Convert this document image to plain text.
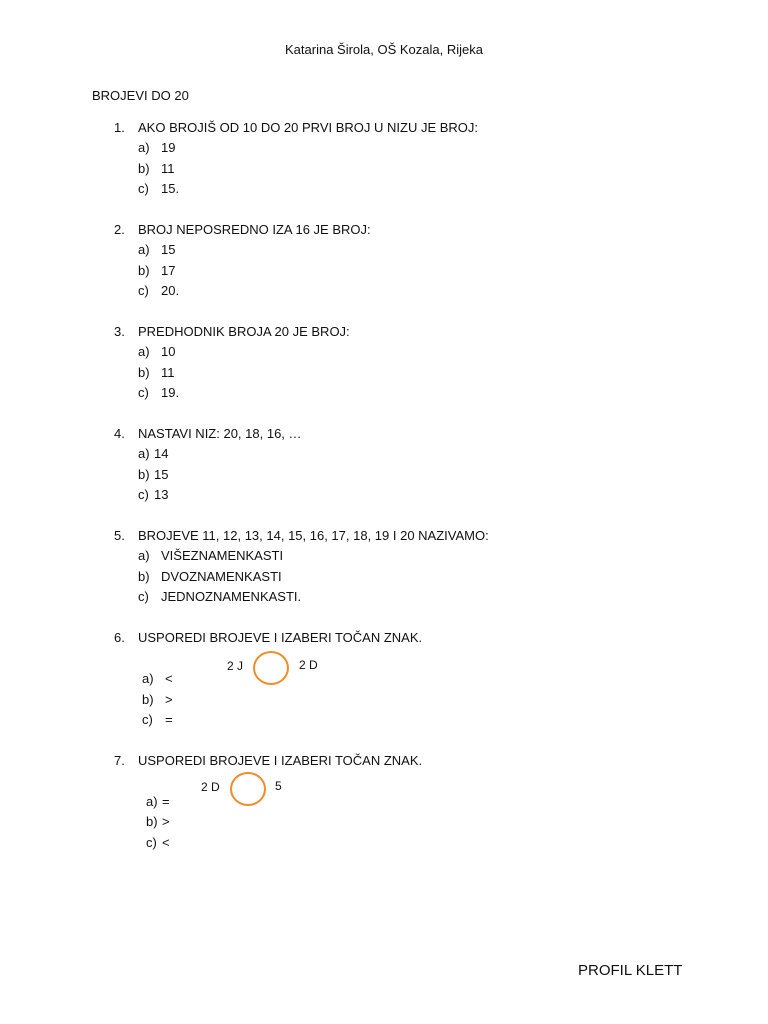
Katarina Širola, OŠ Kozala, Rijeka
BROJEVI DO 20
1. AKO BROJIŠ OD 10 DO 20 PRVI BROJ U NIZU JE BROJ:
a) 19
b) 11
c) 15.
2. BROJ NEPOSREDNO IZA 16 JE BROJ:
a) 15
b) 17
c) 20.
3. PREDHODNIK BROJA 20 JE BROJ:
a) 10
b) 11
c) 19.
4. NASTAVI NIZ: 20, 18, 16, …
a) 14
b) 15
c) 13
5. BROJEVE 11, 12, 13, 14, 15, 16, 17, 18, 19 I 20 NAZIVAMO:
a) VIŠEZNAMENKASTI
b) DVOZNAMENKASTI
c) JEDNOZNAMENKASTI.
6. USPOREDI BROJEVE I IZABERI TOČAN ZNAK.
2 J	2 D
a) <
b) >
c) =
7. USPOREDI BROJEVE I IZABERI TOČAN ZNAK.
2 D	5
a) =
b) >
c) <
PROFIL KLETT
